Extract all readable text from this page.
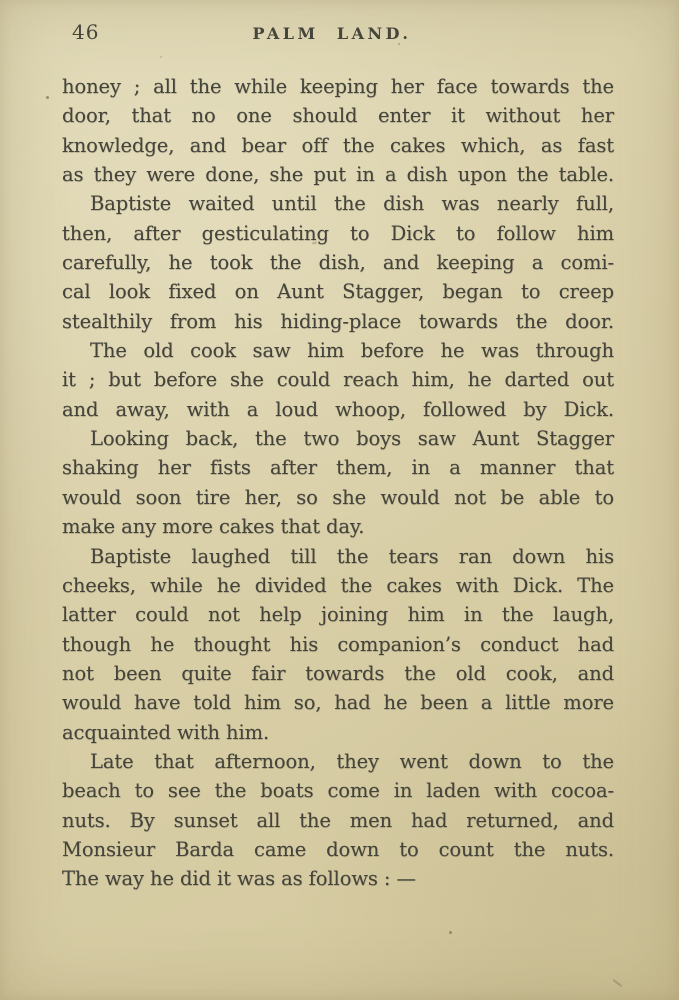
46	PALM LAND.
honey ; all the while keeping her face towards the
door, that no one should enter it without her
knowledge, and bear off the cakes which, as fast
as they were done, she put in a dish upon the table.
Baptiste waited until the dish was nearly full,
then, after gesticulating to Dick to follow him
carefully, he took the dish, and keeping a comi-
cal look fixed on Aunt Stagger, began to creep
stealthily from his hiding-place towards the door.
The old cook saw him before he was through
it ; but before she could reach him, he darted out
and away, with a loud whoop, followed by Dick.
Looking back, the two boys saw Aunt Stagger
shaking her fists after them, in a manner that
would soon tire her, so she would not be able to
make any more cakes that day.
Baptiste laughed till the tears ran down his
cheeks, while he divided the cakes with Dick. The
latter could not help joining him in the laugh,
though he thought his companion’s conduct had
not been quite fair towards the old cook, and
would have told him so, had he been a little more
acquainted with him.
Late that afternoon, they went down to the
beach to see the boats come in laden with cocoa-
nuts. By sunset all the men had returned, and
Monsieur Barda came down to count the nuts.
The way he did it was as follows : —
